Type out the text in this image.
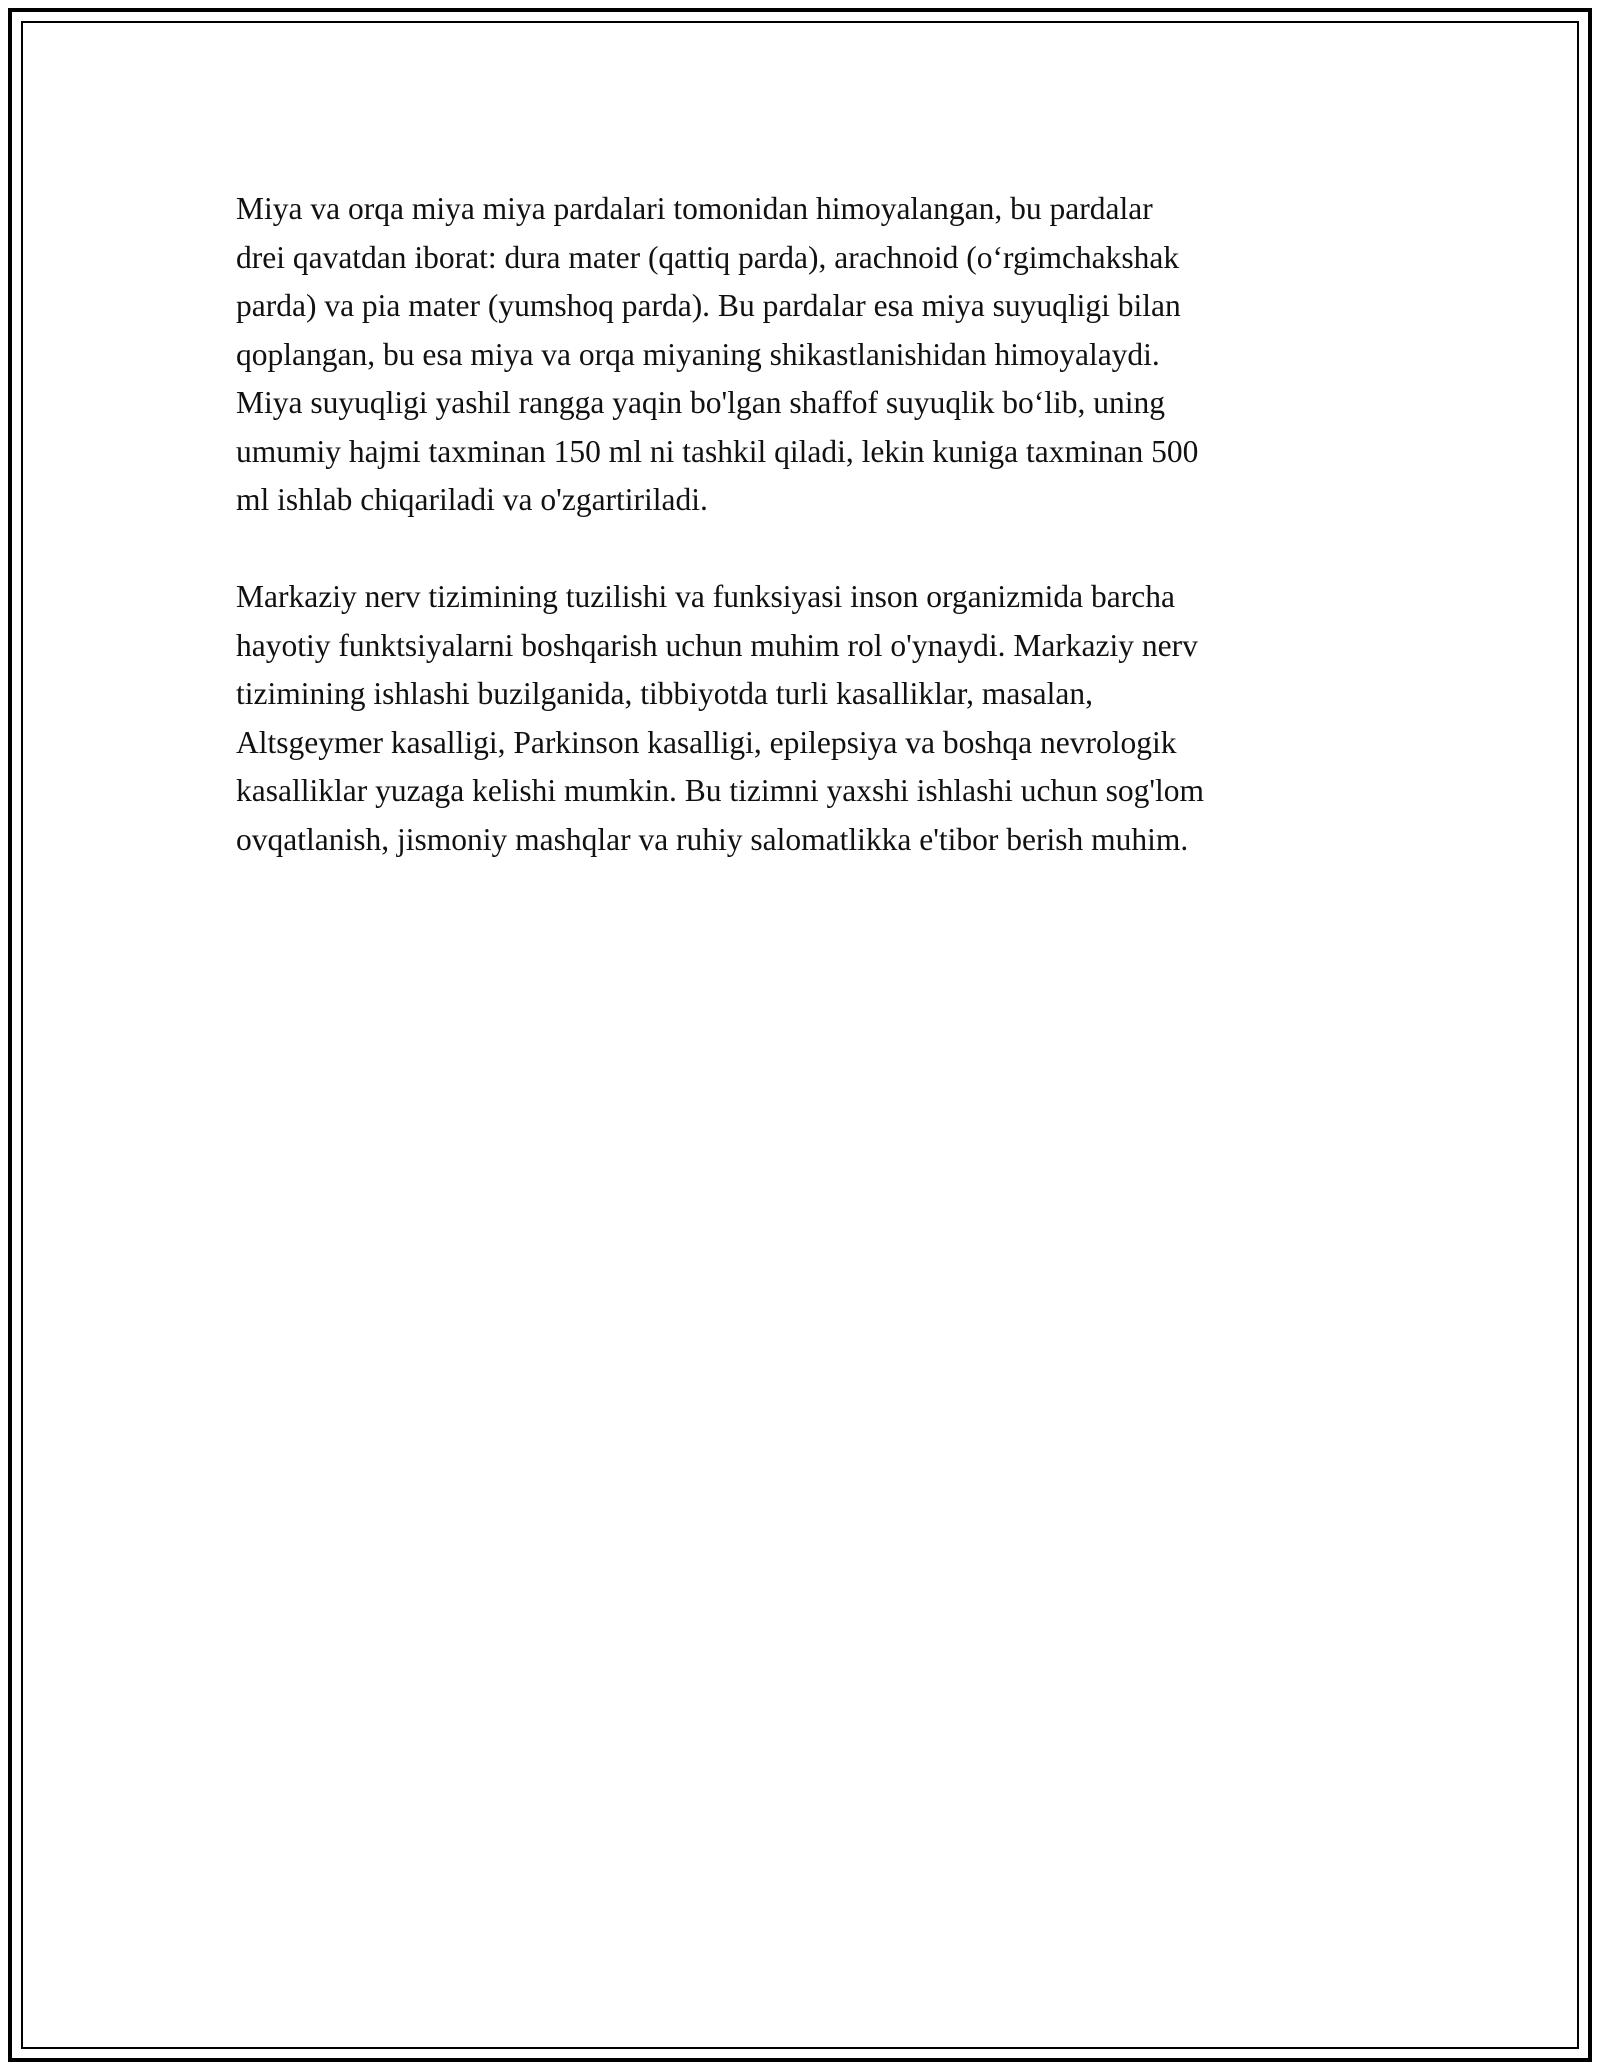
Miya va orqa miya miya pardalari tomonidan himoyalangan, bu pardalar
drei qavatdan iborat: dura mater (qattiq parda), arachnoid (o‘rgimchakshak
parda) va pia mater (yumshoq parda). Bu pardalar esa miya suyuqligi bilan
qoplangan, bu esa miya va orqa miyaning shikastlanishidan himoyalaydi.
Miya suyuqligi yashil rangga yaqin bo'lgan shaffof suyuqlik bo‘lib, uning
umumiy hajmi taxminan 150 ml ni tashkil qiladi, lekin kuniga taxminan 500
ml ishlab chiqariladi va o'zgartiriladi.

Markaziy nerv tizimining tuzilishi va funksiyasi inson organizmida barcha
hayotiy funktsiyalarni boshqarish uchun muhim rol o'ynaydi. Markaziy nerv
tizimining ishlashi buzilganida, tibbiyotda turli kasalliklar, masalan,
Altsgeymer kasalligi, Parkinson kasalligi, epilepsiya va boshqa nevrologik
kasalliklar yuzaga kelishi mumkin. Bu tizimni yaxshi ishlashi uchun sog'lom
ovqatlanish, jismoniy mashqlar va ruhiy salomatlikka e'tibor berish muhim.
